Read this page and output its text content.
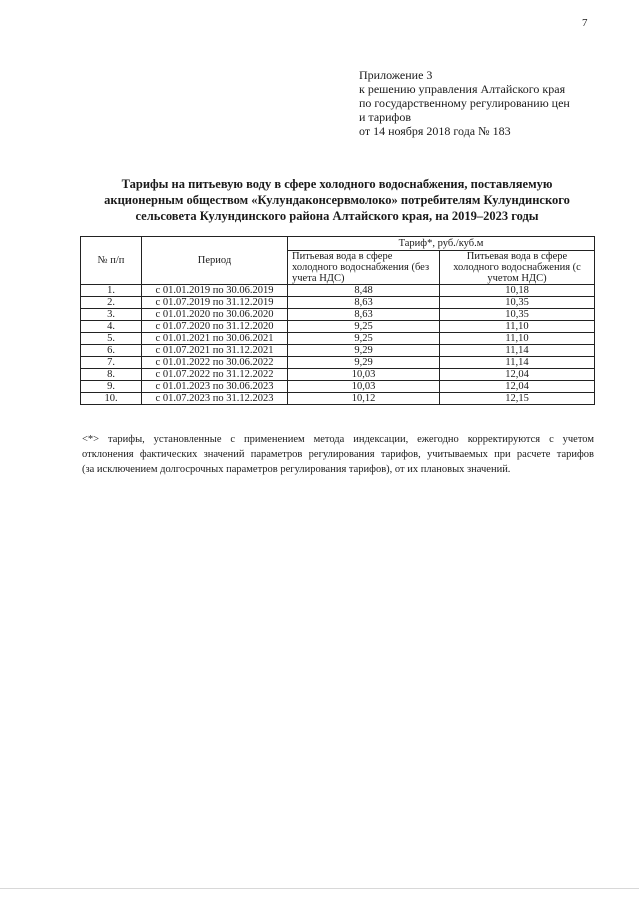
7
Приложение 3
к решению управления Алтайского края
по государственному регулированию цен
и тарифов
от 14 ноября 2018 года № 183
Тарифы на питьевую воду в сфере холодного водоснабжения, поставляемую
акционерным обществом «Кулундаконсервмолоко» потребителям Кулундинского
сельсовета Кулундинского района Алтайского края, на 2019–2023 годы
№ п/п	Период	Тариф*, руб./куб.м	
		Питьевая вода в сфере холодного водоснабжения (без учета НДС)	Питьевая вода в сфере холодного водоснабжения (с учетом НДС)
1.	с 01.01.2019 по 30.06.2019	8,48	10,18
2.	с 01.07.2019 по 31.12.2019	8,63	10,35
3.	с 01.01.2020 по 30.06.2020	8,63	10,35
4.	с 01.07.2020 по 31.12.2020	9,25	11,10
5.	с 01.01.2021 по 30.06.2021	9,25	11,10
6.	с 01.07.2021 по 31.12.2021	9,29	11,14
7.	с 01.01.2022 по 30.06.2022	9,29	11,14
8.	с 01.07.2022 по 31.12.2022	10,03	12,04
9.	с 01.01.2023 по 30.06.2023	10,03	12,04
10.	с 01.07.2023 по 31.12.2023	10,12	12,15
<*> тарифы, установленные с применением метода индексации, ежегодно корректируются с учетом
отклонения фактических значений параметров регулирования тарифов, учитываемых при расчете тарифов
(за исключением долгосрочных параметров регулирования тарифов), от их плановых значений.
